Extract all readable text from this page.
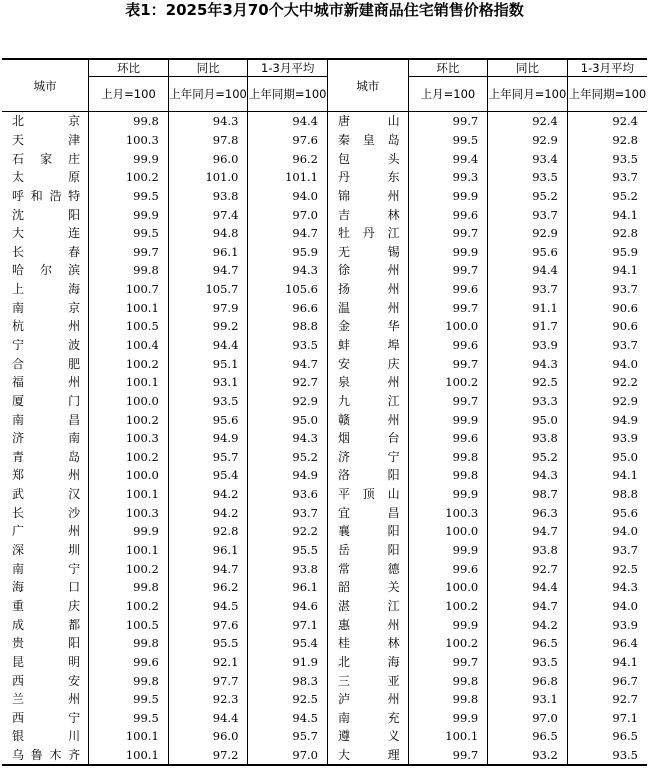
表1：2025年3月70个大中城市新建商品住宅销售价格指数
城市	环比	同比	1-3月平均	城市	环比	同比	1-3月平均
	上月=100	上年同月=100	上年同期=100		上月=100	上年同月=100	上年同期=100
北　京	99.8	94.3	94.4	唐　山	99.7	92.4	92.4
天　津	100.3	97.8	97.6	秦皇岛	99.5	92.9	92.8
石家庄	99.9	96.0	96.2	包　头	99.4	93.4	93.5
太　原	100.2	101.0	101.1	丹　东	99.3	93.5	93.7
呼和浩特	99.5	93.8	94.0	锦　州	99.9	95.2	95.2
沈　阳	99.9	97.4	97.0	吉　林	99.6	93.7	94.1
大　连	99.5	94.8	94.7	牡丹江	99.7	92.9	92.8
长　春	99.7	96.1	95.9	无　锡	99.9	95.6	95.9
哈尔滨	99.8	94.7	94.3	徐　州	99.7	94.4	94.1
上　海	100.7	105.7	105.6	扬　州	99.6	93.7	93.7
南　京	100.1	97.9	96.6	温　州	99.7	91.1	90.6
杭　州	100.5	99.2	98.8	金　华	100.0	91.7	90.6
宁　波	100.4	94.4	93.5	蚌　埠	99.6	93.9	93.7
合　肥	100.2	95.1	94.7	安　庆	99.7	94.3	94.0
福　州	100.1	93.1	92.7	泉　州	100.2	92.5	92.2
厦　门	100.0	93.5	92.9	九　江	99.7	93.3	92.9
南　昌	100.2	95.6	95.0	赣　州	99.9	95.0	94.9
济　南	100.3	94.9	94.3	烟　台	99.6	93.8	93.9
青　岛	100.2	95.7	95.2	济　宁	99.8	95.2	95.0
郑　州	100.0	95.4	94.9	洛　阳	99.8	94.3	94.1
武　汉	100.1	94.2	93.6	平顶山	99.9	98.7	98.8
长　沙	100.3	94.2	93.7	宜　昌	100.3	96.3	95.6
广　州	99.9	92.8	92.2	襄　阳	100.0	94.7	94.0
深　圳	100.1	96.1	95.5	岳　阳	99.9	93.8	93.7
南　宁	100.2	94.7	93.8	常　德	99.6	92.7	92.5
海　口	99.8	96.2	96.1	韶　关	100.0	94.4	94.3
重　庆	100.2	94.5	94.6	湛　江	100.2	94.7	94.0
成　都	100.5	97.6	97.1	惠　州	99.9	94.2	93.9
贵　阳	99.8	95.5	95.4	桂　林	100.2	96.5	96.4
昆　明	99.6	92.1	91.9	北　海	99.7	93.5	94.1
西　安	99.8	97.7	98.3	三　亚	99.8	96.8	96.7
兰　州	99.5	92.3	92.5	泸　州	99.8	93.1	92.7
西　宁	99.5	94.4	94.5	南　充	99.9	97.0	97.1
银　川	100.1	96.0	95.7	遵　义	100.1	96.5	96.5
乌鲁木齐	100.1	97.2	97.0	大　理	99.7	93.2	93.5
